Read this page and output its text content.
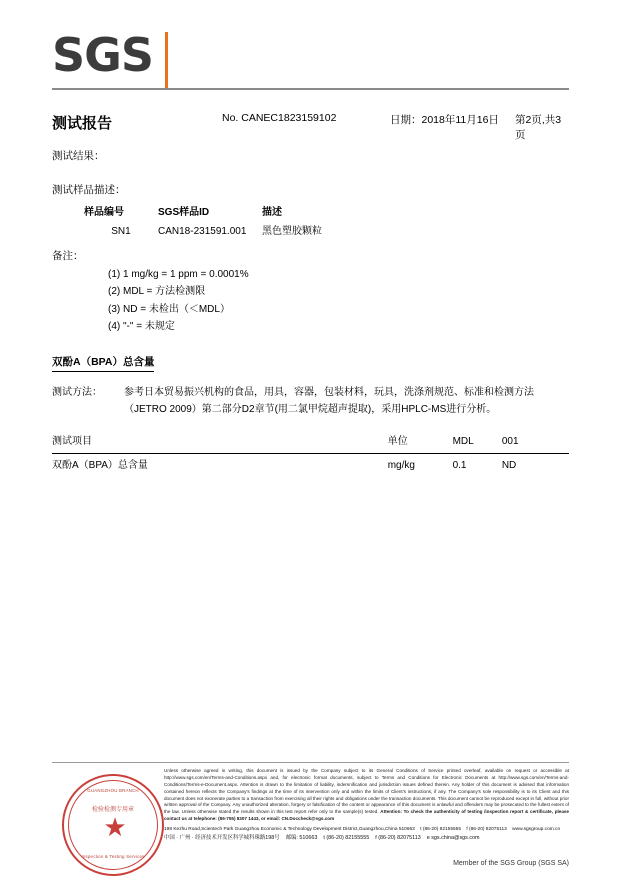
SGS
测试报告	No. CANEC1823159102	日期：2018年11月16日 第2页,共3页
测试结果：
测试样品描述：
样品编号	SGS样品ID	描述
SN1	CAN18-231591.001	黑色塑胶颗粒
备注：
(1) 1 mg/kg = 1 ppm = 0.0001%
(2) MDL = 方法检测限
(3) ND = 未检出（＜MDL）
(4) "-" = 未规定
双酚A（BPA）总含量
测试方法：	参考日本贸易振兴机构的食品，用具，容器，包装材料，玩具，洗涤剂规范、标准和检测方法（JETRO 2009）第二部分D2章节(用二氯甲烷超声提取)，采用HPLC-MS进行分析。
测试项目	单位	MDL	001
双酚A（BPA）总含量	mg/kg	0.1	ND
GUANGZHOU BRANCH
检验检测专用章
★
Inspection & Testing Services
Unless otherwise agreed in writing, this document is issued by the Company subject to its General Conditions of Service printed overleaf, available on request or accessible at http://www.sgs.com/en/Terms-and-Conditions.aspx and, for electronic format documents, subject to Terms and Conditions for Electronic Documents at http://www.sgs.com/en/Terms-and-Conditions/Terms-e-Document.aspx. Attention is drawn to the limitation of liability, indemnification and jurisdiction issues defined therein. Any holder of this document is advised that information contained hereon reflects the Company's findings at the time of its intervention only and within the limits of Client's instructions, if any. The Company's sole responsibility is to its Client and this document does not exonerate parties to a transaction from exercising all their rights and obligations under the transaction documents. This document cannot be reproduced except in full, without prior written approval of the Company. Any unauthorized alteration, forgery or falsification of the content or appearance of this document is unlawful and offenders may be prosecuted to the fullest extent of the law. Unless otherwise stated the results shown in this test report refer only to the sample(s) tested. Attention: To check the authenticity of testing /inspection report & certificate, please contact us at telephone: (86-755) 8307 1443, or email: CN.Doccheck@sgs.com
198 Kezhu Road,Scientech Park Guangzhou Economic & Technology Development District,Guangzhou,China 510663 t (86-20) 82155555 f (86-20) 82075113 www.sgsgroup.com.cn
中国 · 广州 · 经济技术开发区科学城科珠路198号 邮编: 510663 t (86-20) 82155555 f (86-20) 82075113 e sgs.china@sgs.com
Member of the SGS Group (SGS SA)
